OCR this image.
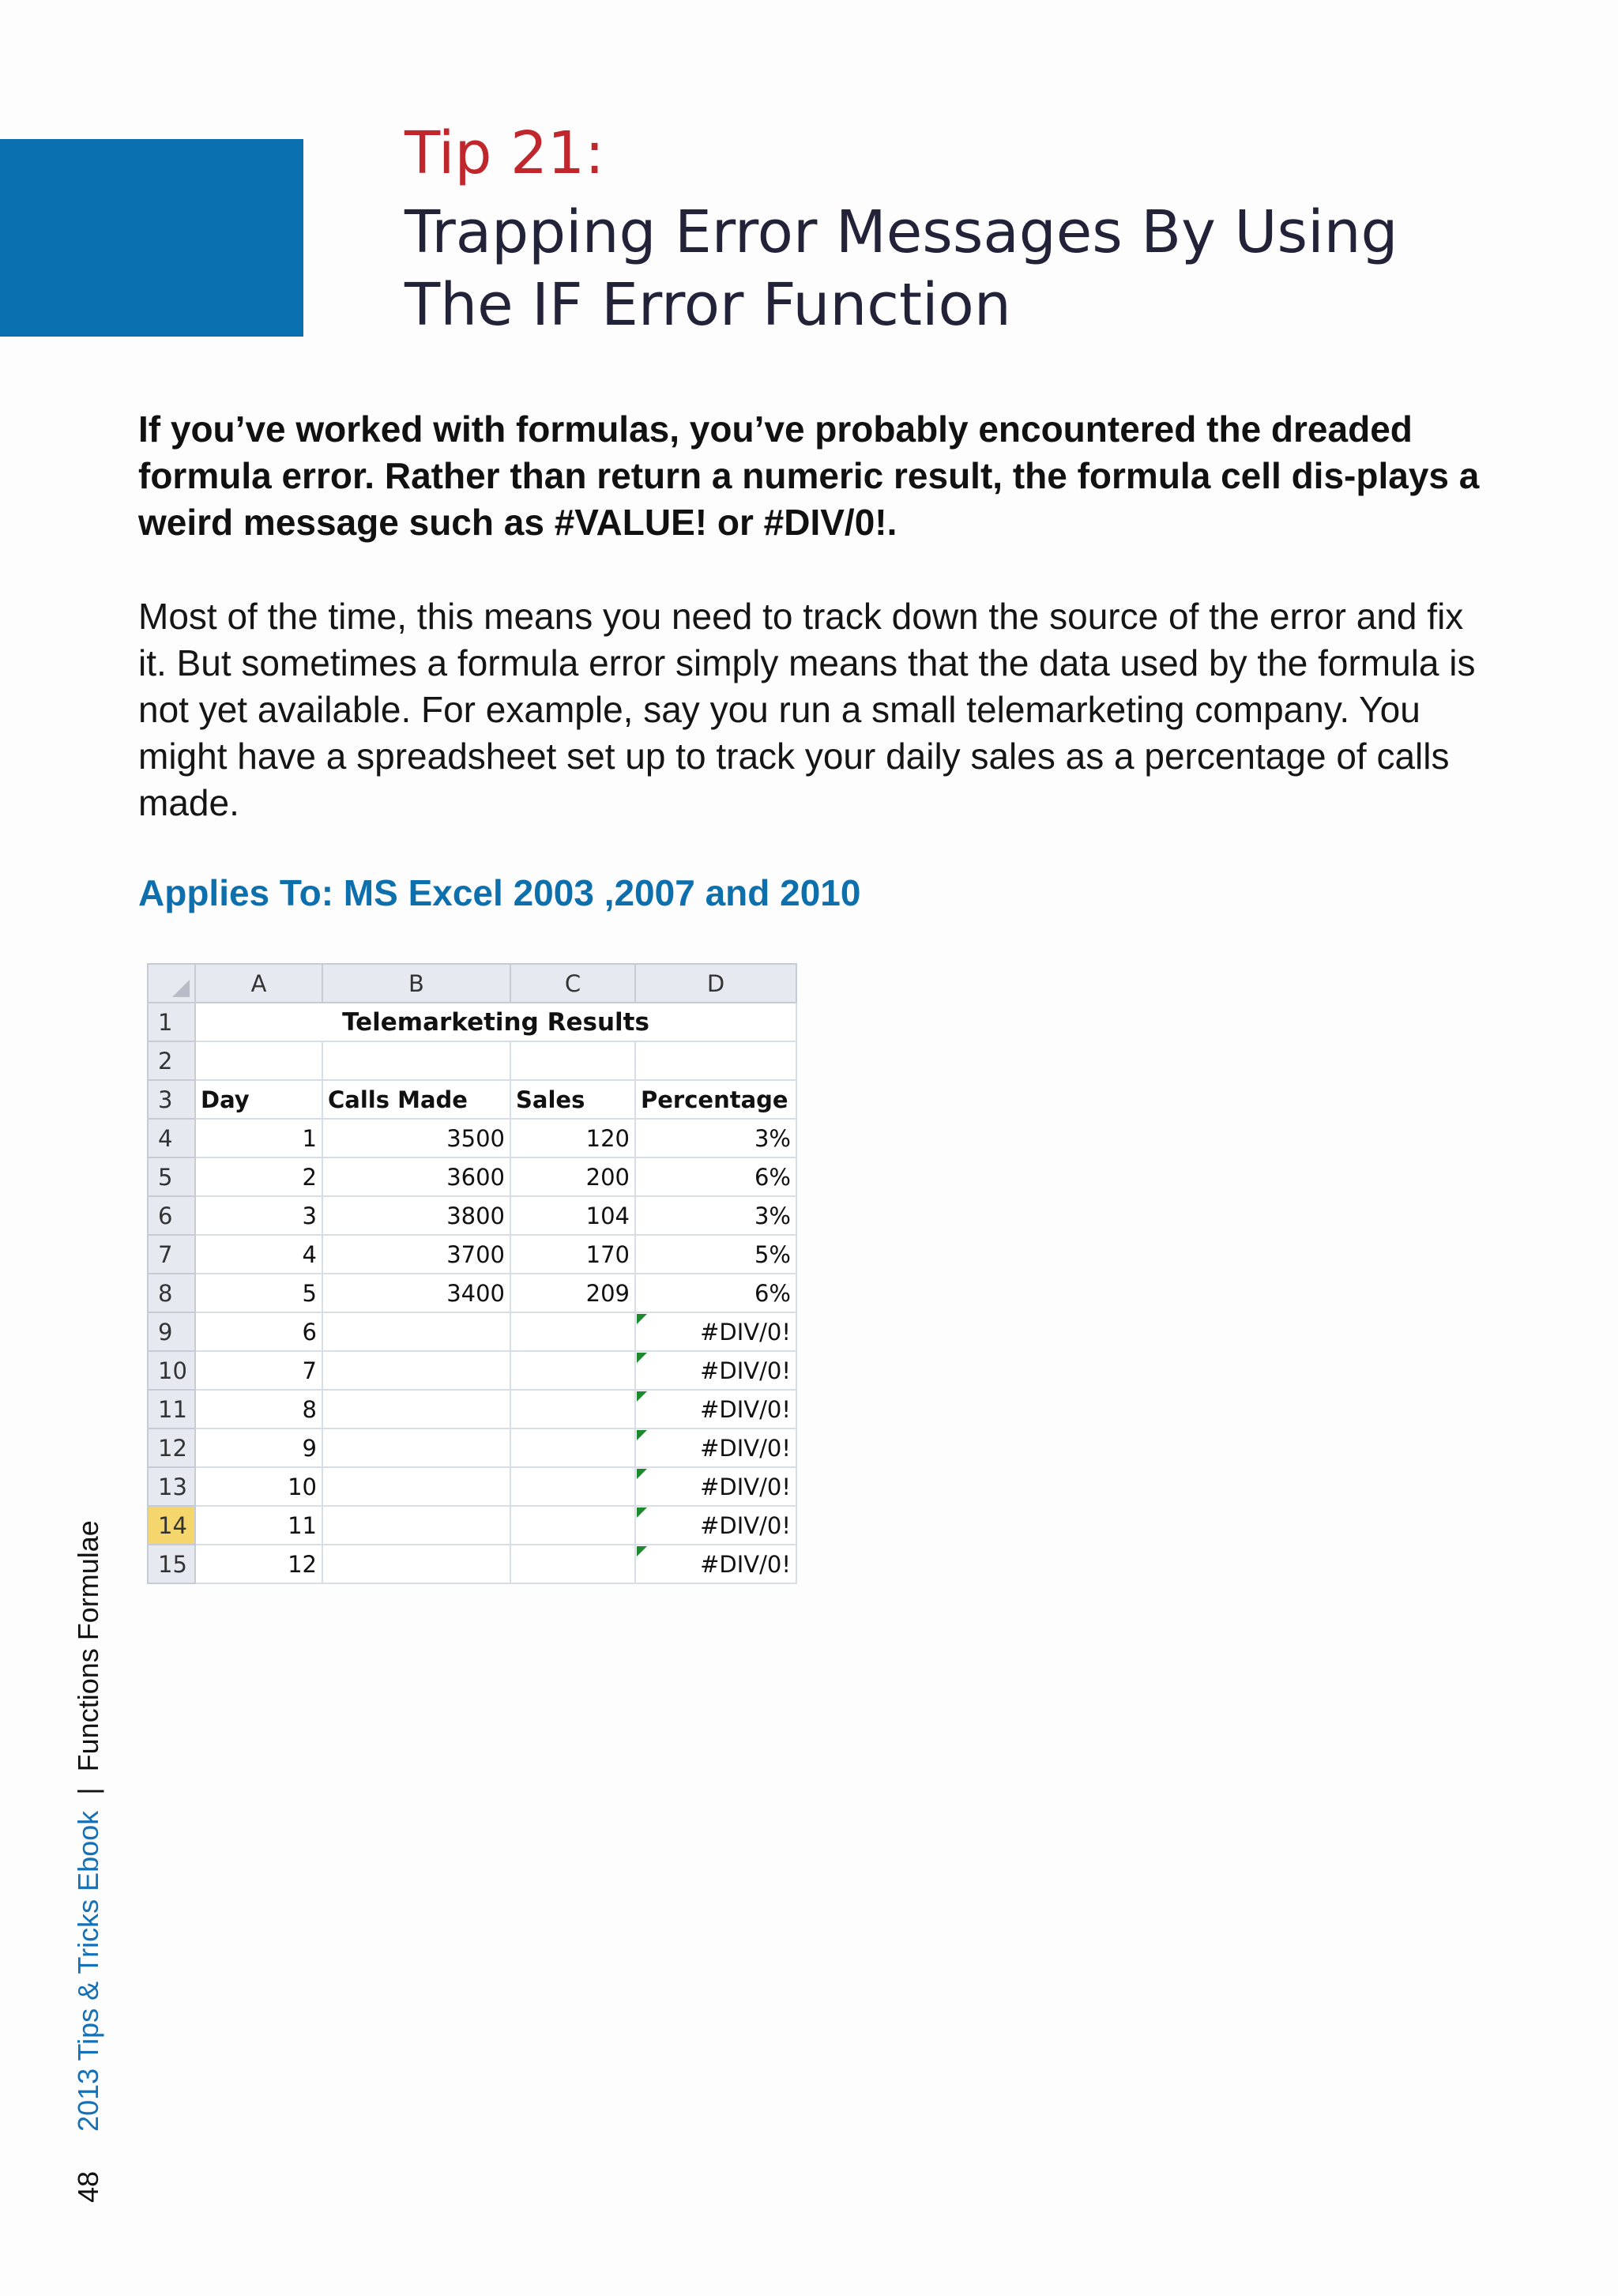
Tip 21:
Trapping Error Messages By Using
The IF Error Function
If you’ve worked with formulas, you’ve probably encountered the dreaded formula error. Rather than return a numeric result, the formula cell dis-plays a weird message such as #VALUE! or #DIV/0!.
Most of the time, this means you need to track down the source of the error and fix it. But sometimes a formula error simply means that the data used by the formula is not yet available. For example, say you run a small telemarketing company. You might have a spreadsheet set up to track your daily sales as a percentage of calls made.
Applies To: MS Excel 2003 ,2007 and 2010
	A	B	C	D
1	Telemarketing Results			
2				
3	Day	Calls Made	Sales	Percentage
4	1	3500	120	3%
5	2	3600	200	6%
6	3	3800	104	3%
7	4	3700	170	5%
8	5	3400	209	6%
9	6			#DIV/0!
10	7			#DIV/0!
11	8			#DIV/0!
12	9			#DIV/0!
13	10			#DIV/0!
14	11			#DIV/0!
15	12			#DIV/0!
48     2013 Tips & Tricks Ebook  |  Functions Formulae
